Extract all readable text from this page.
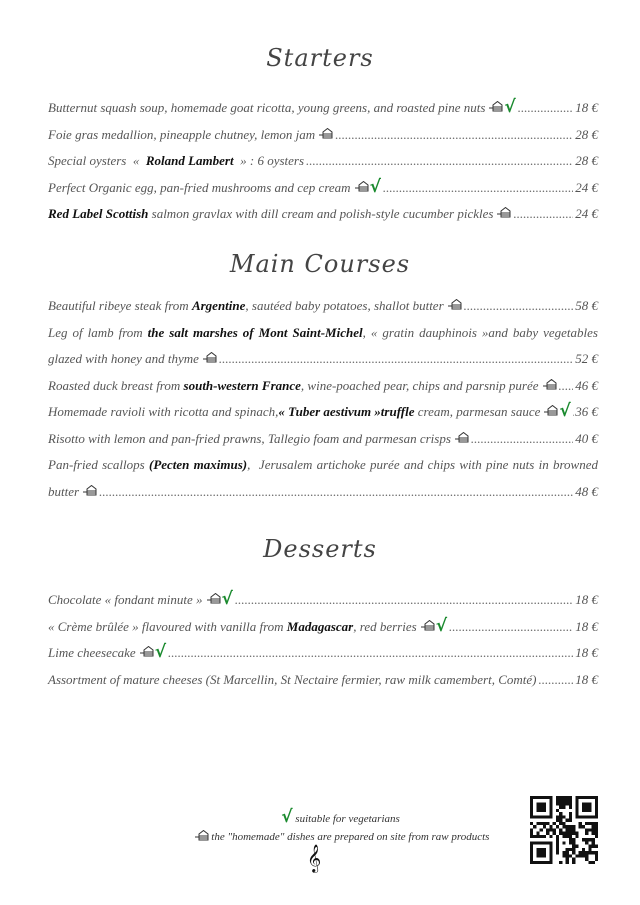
Starters
Butternut squash soup, homemade goat ricotta, young greens, and roasted pine nuts √ .....	18 €
Foie gras medallion, pineapple chutney, lemon jam .....	28 €
Special oysters  «  Roland Lambert  » : 6 oysters .....	28 €
Perfect Organic egg, pan-fried mushrooms and cep cream √ .....	24 €
Red Label Scottish salmon gravlax with dill cream and polish-style cucumber pickles .....	24 €
Main Courses
Beautiful ribeye steak from Argentine, sautéed baby potatoes, shallot butter .....	58 €
Leg of lamb from the salt marshes of Mont Saint-Michel, « gratin dauphinois »and baby vegetables
glazed with honey and thyme .....	52 €
Roasted duck breast from south-western France, wine-poached pear, chips and parsnip purée .....	46 €
Homemade ravioli with ricotta and spinach,« Tuber aestivum »truffle cream, parmesan sauce √ ..... 36 €
Risotto with lemon and pan-fried prawns, Tallegio foam and parmesan crisps .....	40 €
Pan-fried scallops (Pecten maximus),  Jerusalem artichoke purée and chips with pine nuts in browned
butter .....	48 €
Desserts
Chocolate « fondant minute » √ .....	18 €
« Crème brûlée » flavoured with vanilla from Madagascar, red berries √ .....	18 €
Lime cheesecake √ .....	18 €
Assortment of mature cheeses (St Marcellin, St Nectaire fermier, raw milk camembert, Comté) .....	18 €
√ suitable for vegetarians
the "homemade" dishes are prepared on site from raw products
𝄞
